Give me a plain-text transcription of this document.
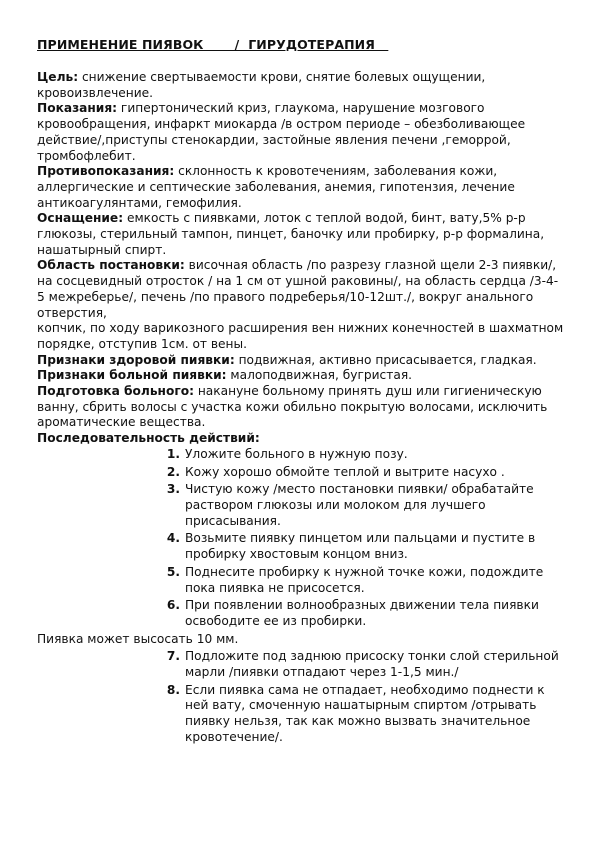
ПРИМЕНЕНИЕ ПИЯВОК       /  ГИРУДОТЕРАПИЯ

Цель: снижение свертываемости крови, снятие болевых ощущении, кровоизвлечение.

Показания: гипертонический криз, глаукома, нарушение мозгового кровообращения, инфаркт миокарда /в остром периоде – обезболивающее действие/,приступы стенокардии, застойные явления печени ,геморрой, тромбофлебит.

Противопоказания: склонность к кровотечениям, заболевания кожи, аллергические и септические заболевания, анемия, гипотензия, лечение антикоагулянтами, гемофилия.

Оснащение: емкость с пиявками, лоток с теплой водой, бинт, вату,5% р-р глюкозы, стерильный тампон, пинцет, баночку или пробирку, р-р формалина, нашатырный спирт.

Область постановки: височная область /по разрезу глазной щели 2-3 пиявки/, на сосцевидный отросток / на 1 см от ушной раковины/, на область сердца /3-4-5 межреберье/, печень /по правого подреберья/10-12шт./, вокруг анального отверстия,
копчик, по ходу варикозного расширения вен нижних конечностей в шахматном порядке, отступив 1см. от вены.

Признаки здоровой пиявки: подвижная, активно присасывается, гладкая.

Признаки больной пиявки: малоподвижная, бугристая.

Подготовка больного: накануне больному принять душ или гигиеническую ванну, сбрить волосы с участка кожи обильно покрытую волосами, исключить ароматические вещества.

Последовательность действий:

1. Уложите больного в нужную позу.
2. Кожу хорошо обмойте теплой и вытрите насухо .
3. Чистую кожу /место постановки пиявки/ обрабатайте раствором глюкозы или молоком для лучшего присасывания.
4. Возьмите пиявку пинцетом или пальцами и пустите в пробирку хвостовым концом вниз.
5. Поднесите пробирку к нужной точке кожи, подождите пока пиявка не присосется.
6. При появлении волнообразных движении тела пиявки освободите ее из пробирки.

Пиявка может высосать 10 мм.

7. Подложите под заднюю присоску тонки слой стерильной марли /пиявки отпадают через 1-1,5 мин./
8. Если пиявка сама не отпадает, необходимо поднести к ней вату, смоченную нашатырным спиртом /отрывать пиявку нельзя, так как можно вызвать значительное кровотечение/.
